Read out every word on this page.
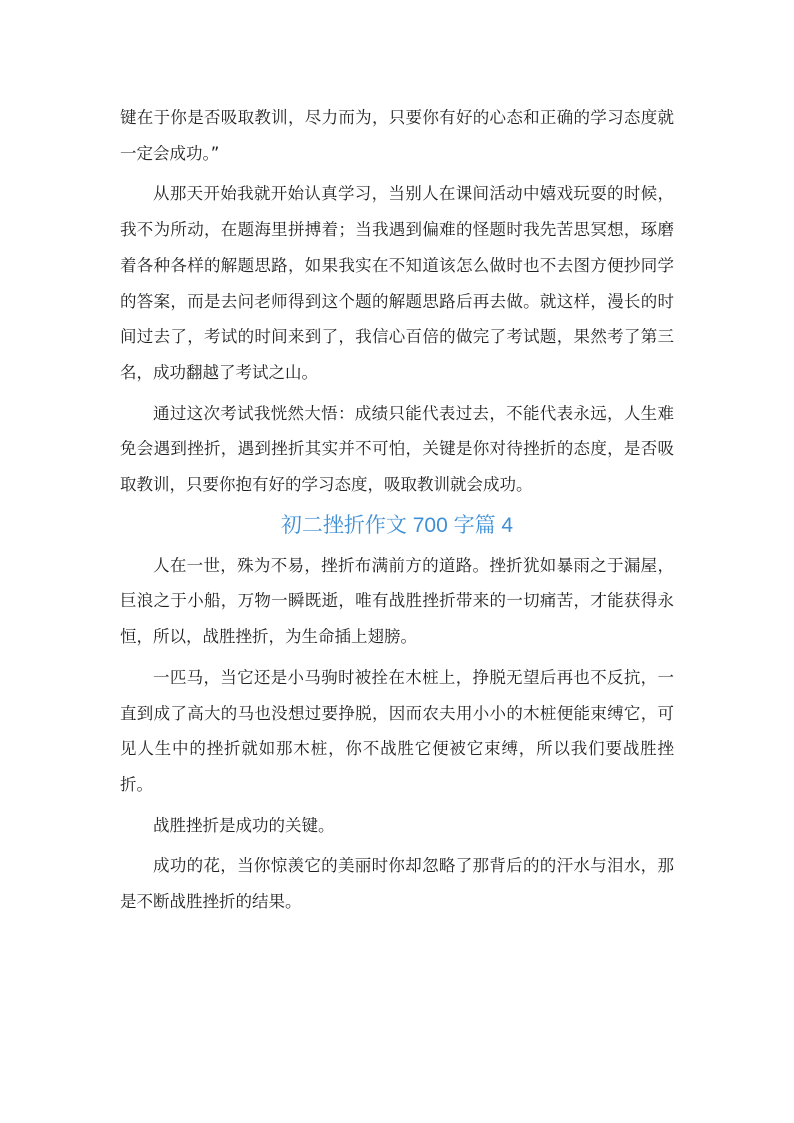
键在于你是否吸取教训，尽力而为，只要你有好的心态和正确的学习态度就一定会成功。”

从那天开始我就开始认真学习，当别人在课间活动中嬉戏玩耍的时候，我不为所动，在题海里拼搏着；当我遇到偏难的怪题时我先苦思冥想，琢磨着各种各样的解题思路，如果我实在不知道该怎么做时也不去图方便抄同学的答案，而是去问老师得到这个题的解题思路后再去做。就这样，漫长的时间过去了，考试的时间来到了，我信心百倍的做完了考试题，果然考了第三名，成功翻越了考试之山。

通过这次考试我恍然大悟：成绩只能代表过去，不能代表永远，人生难免会遇到挫折，遇到挫折其实并不可怕，关键是你对待挫折的态度，是否吸取教训，只要你抱有好的学习态度，吸取教训就会成功。

初二挫折作文 700 字篇 4

人在一世，殊为不易，挫折布满前方的道路。挫折犹如暴雨之于漏屋，巨浪之于小船，万物一瞬既逝，唯有战胜挫折带来的一切痛苦，才能获得永恒，所以，战胜挫折，为生命插上翅膀。

一匹马，当它还是小马驹时被拴在木桩上，挣脱无望后再也不反抗，一直到成了高大的马也没想过要挣脱，因而农夫用小小的木桩便能束缚它，可见人生中的挫折就如那木桩，你不战胜它便被它束缚，所以我们要战胜挫折。

战胜挫折是成功的关键。

成功的花，当你惊羡它的美丽时你却忽略了那背后的的汗水与泪水，那是不断战胜挫折的结果。
